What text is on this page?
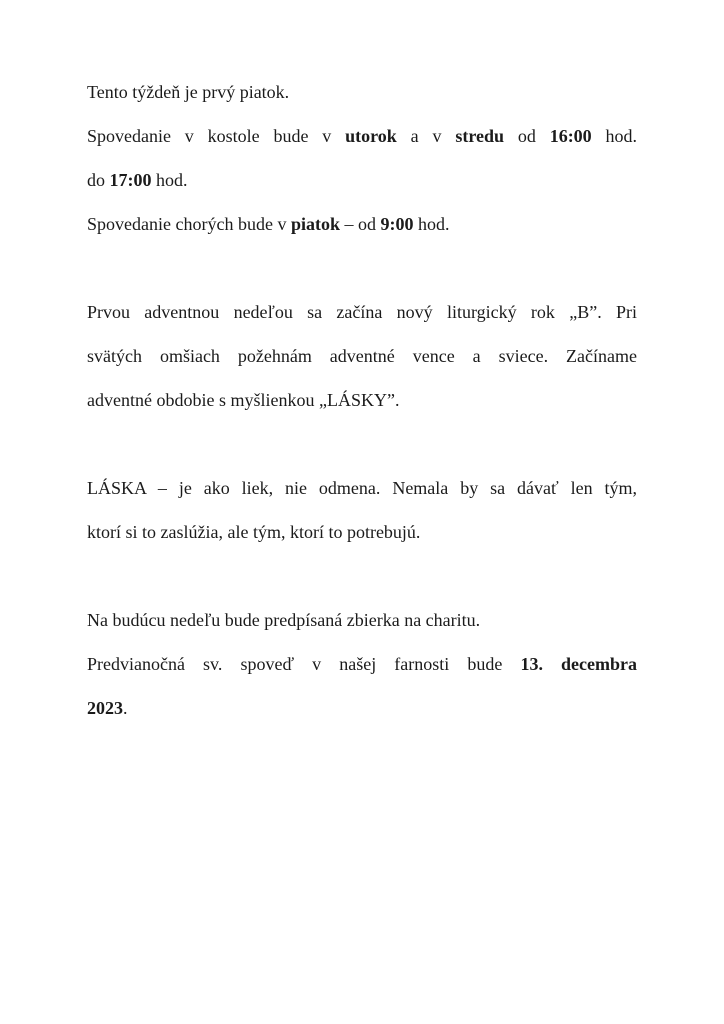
Tento týždeň je prvý piatok.

Spovedanie v kostole bude v utorok a v stredu od 16:00 hod.

do 17:00 hod.

Spovedanie chorých bude v piatok – od 9:00 hod.

Prvou adventnou nedeľou sa začína nový liturgický rok „B”. Pri

svätých omšiach požehnám adventné vence a sviece. Začíname

adventné obdobie s myšlienkou „LÁSKY”.

LÁSKA – je ako liek, nie odmena. Nemala by sa dávať len tým,

ktorí si to zaslúžia, ale tým, ktorí to potrebujú.

Na budúcu nedeľu bude predpísaná zbierka na charitu.

Predvianočná sv. spoveď v našej farnosti bude 13. decembra

2023.
